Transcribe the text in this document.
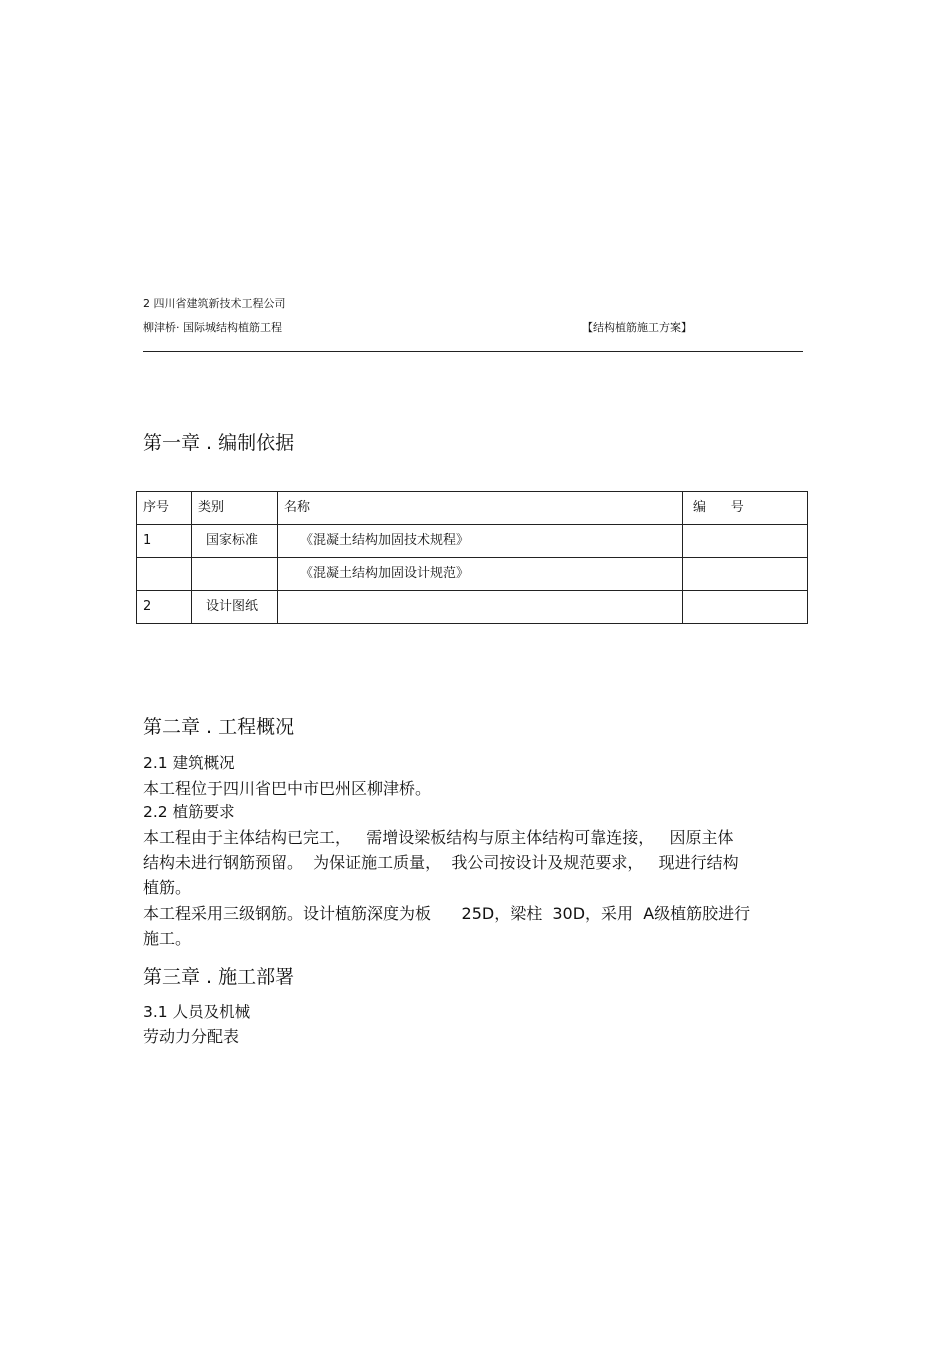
2 四川省建筑新技术工程公司
柳津桥· 国际城结构植筋工程	【结构植筋施工方案】
第一章 . 编制依据
序号	类别	名称	编      号
1	国家标准	《混凝土结构加固技术规程》	
		《混凝土结构加固设计规范》	
2	设计图纸		
第二章 . 工程概况
2.1 建筑概况
本工程位于四川省巴中市巴州区柳津桥。
2.2 植筋要求
本工程由于主体结构已完工，   需增设梁板结构与原主体结构可靠连接，   因原主体
结构未进行钢筋预留。  为保证施工质量，  我公司按设计及规范要求，   现进行结构
植筋。
本工程采用三级钢筋。设计植筋深度为板      25D，梁柱  30D，采用  A级植筋胶进行
施工。
第三章 . 施工部署
3.1 人员及机械
劳动力分配表
